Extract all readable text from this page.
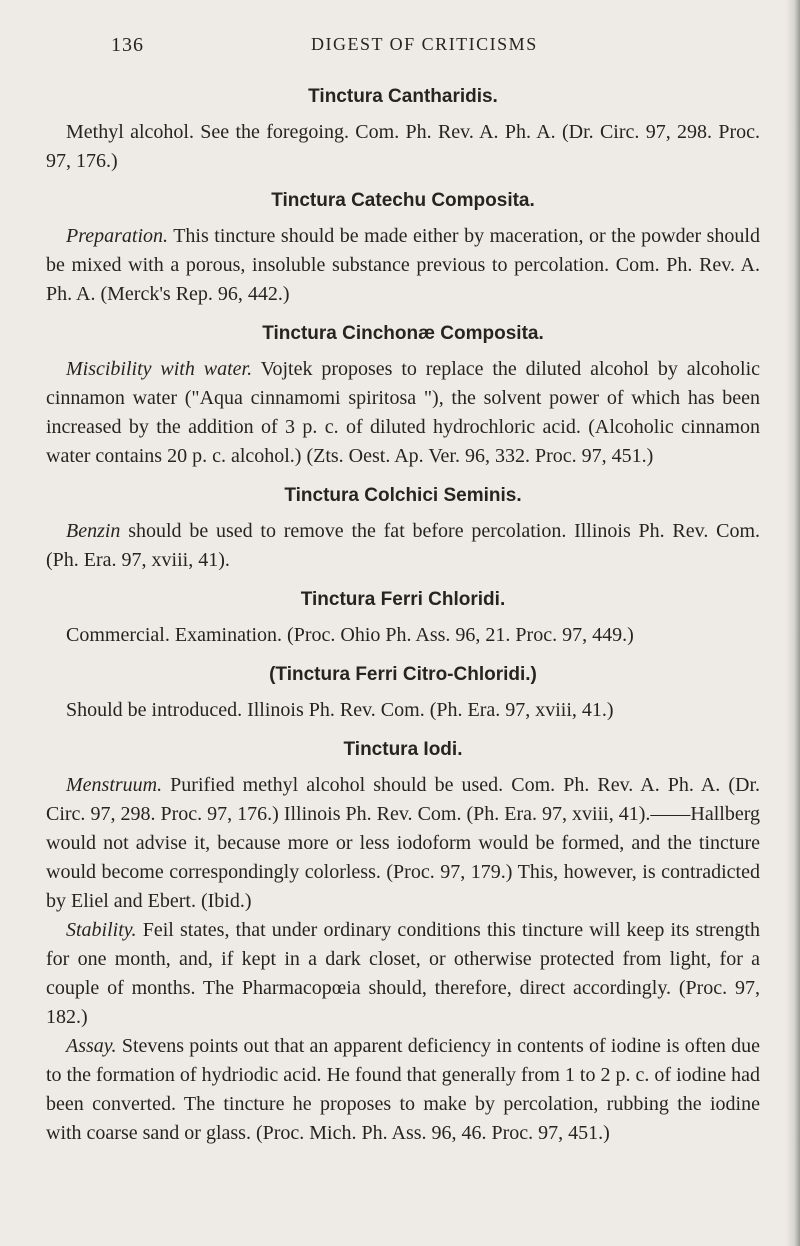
136	DIGEST OF CRITICISMS
Tinctura Cantharidis.
Methyl alcohol. See the foregoing. Com. Ph. Rev. A. Ph. A. (Dr. Circ. 97, 298. Proc. 97, 176.)
Tinctura Catechu Composita.
Preparation. This tincture should be made either by maceration, or the powder should be mixed with a porous, insoluble substance previous to percolation. Com. Ph. Rev. A. Ph. A. (Merck's Rep. 96, 442.)
Tinctura Cinchonæ Composita.
Miscibility with water. Vojtek proposes to replace the diluted alcohol by alcoholic cinnamon water ("Aqua cinnamomi spiritosa "), the solvent power of which has been increased by the addition of 3 p. c. of diluted hydrochloric acid. (Alcoholic cinnamon water contains 20 p. c. alcohol.) (Zts. Oest. Ap. Ver. 96, 332. Proc. 97, 451.)
Tinctura Colchici Seminis.
Benzin should be used to remove the fat before percolation. Illinois Ph. Rev. Com. (Ph. Era. 97, xviii, 41).
Tinctura Ferri Chloridi.
Commercial. Examination. (Proc. Ohio Ph. Ass. 96, 21. Proc. 97, 449.)
(Tinctura Ferri Citro-Chloridi.)
Should be introduced. Illinois Ph. Rev. Com. (Ph. Era. 97, xviii, 41.)
Tinctura Iodi.
Menstruum. Purified methyl alcohol should be used. Com. Ph. Rev. A. Ph. A. (Dr. Circ. 97, 298. Proc. 97, 176.) Illinois Ph. Rev. Com. (Ph. Era. 97, xviii, 41).——Hallberg would not advise it, because more or less iodoform would be formed, and the tincture would become correspondingly colorless. (Proc. 97, 179.) This, however, is contradicted by Eliel and Ebert. (Ibid.)
Stability. Feil states, that under ordinary conditions this tincture will keep its strength for one month, and, if kept in a dark closet, or otherwise protected from light, for a couple of months. The Pharmacopœia should, therefore, direct accordingly. (Proc. 97, 182.)
Assay. Stevens points out that an apparent deficiency in contents of iodine is often due to the formation of hydriodic acid. He found that generally from 1 to 2 p. c. of iodine had been converted. The tincture he proposes to make by percolation, rubbing the iodine with coarse sand or glass. (Proc. Mich. Ph. Ass. 96, 46. Proc. 97, 451.)
